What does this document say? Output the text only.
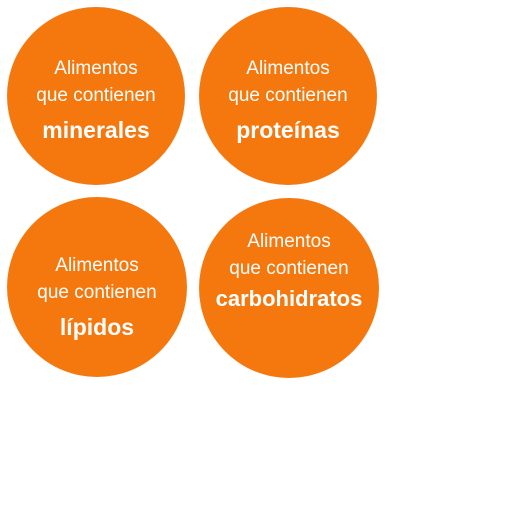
Alimentos
que contienen
minerales
Alimentos
que contienen
proteínas
Alimentos
que contienen
lípidos
Alimentos
que contienen
carbohidratos
